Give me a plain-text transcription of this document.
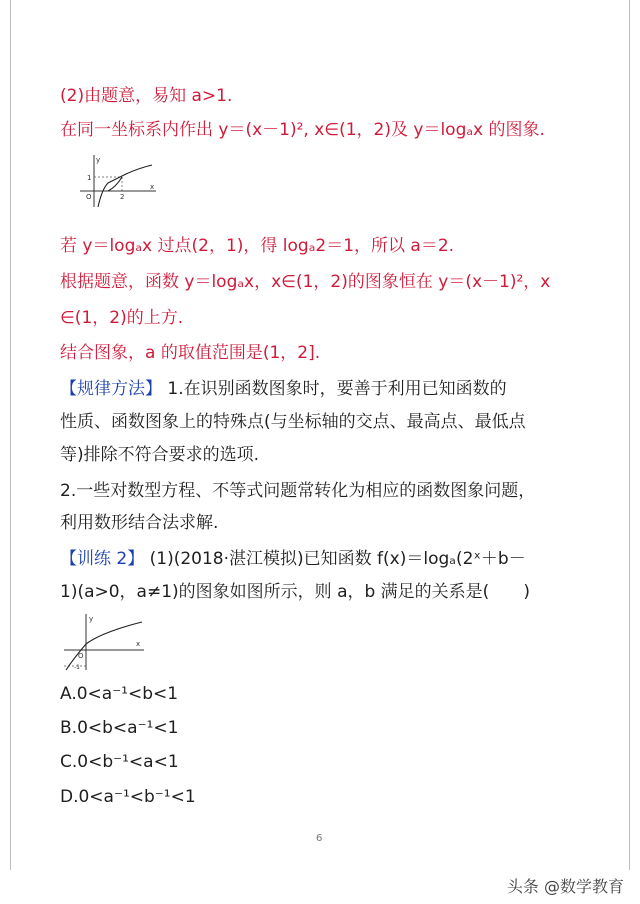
(2)由题意，易知 a>1.
在同一坐标系内作出 y＝(x－1)², x∈(1，2)及 y＝logₐx 的图象.
y
x
O
1
2
若 y＝logₐx 过点(2，1)，得 logₐ2＝1，所以 a＝2.
根据题意，函数 y＝logₐx，x∈(1，2)的图象恒在 y＝(x－1)²，x
∈(1，2)的上方.
结合图象，a 的取值范围是(1，2].
【规律方法】 1.在识别函数图象时，要善于利用已知函数的
性质、函数图象上的特殊点(与坐标轴的交点、最高点、最低点
等)排除不符合要求的选项.
2.一些对数型方程、不等式问题常转化为相应的函数图象问题，
利用数形结合法求解.
【训练 2】 (1)(2018·湛江模拟)已知函数 f(x)＝logₐ(2ˣ＋b－
1)(a>0，a≠1)的图象如图所示，则 a，b 满足的关系是(　　)
y
x
O
-1
A.0<a⁻¹<b<1
B.0<b<a⁻¹<1
C.0<b⁻¹<a<1
D.0<a⁻¹<b⁻¹<1
6
头条 @数学教育
